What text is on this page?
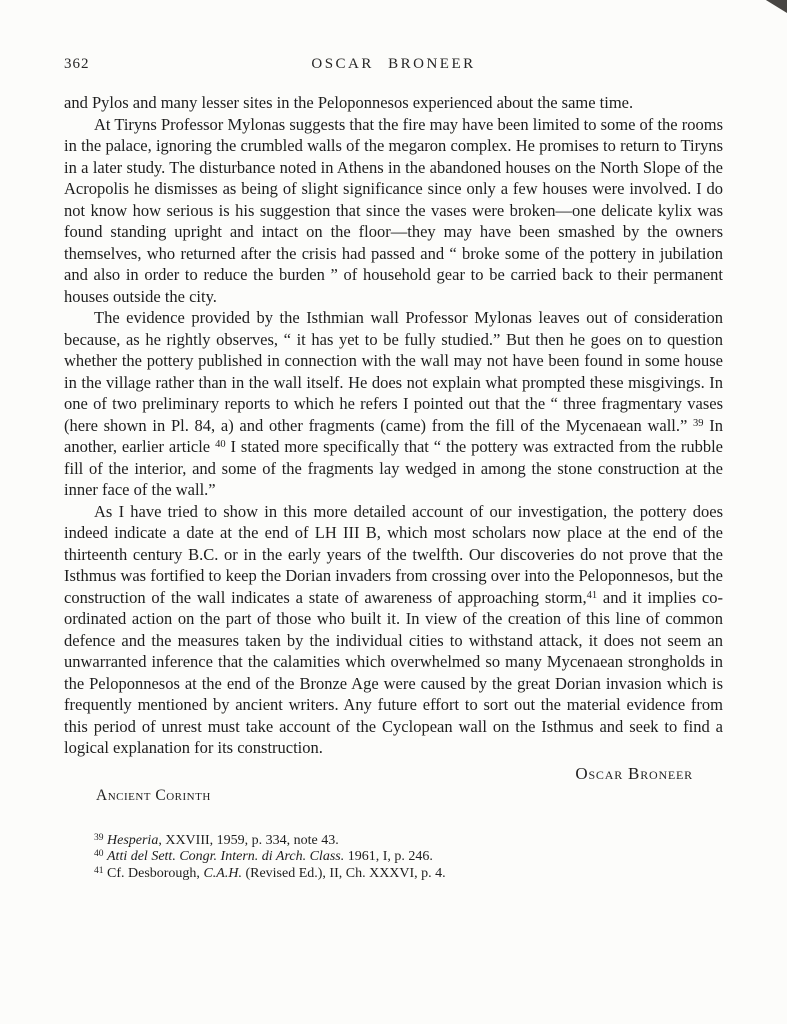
362	OSCAR BRONEER

and Pylos and many lesser sites in the Peloponnesos experienced about the same time.

At Tiryns Professor Mylonas suggests that the fire may have been limited to some of the rooms in the palace, ignoring the crumbled walls of the megaron complex. He promises to return to Tiryns in a later study. The disturbance noted in Athens in the abandoned houses on the North Slope of the Acropolis he dismisses as being of slight significance since only a few houses were involved. I do not know how serious is his suggestion that since the vases were broken—one delicate kylix was found standing upright and intact on the floor—they may have been smashed by the owners themselves, who returned after the crisis had passed and “ broke some of the pottery in jubilation and also in order to reduce the burden ” of household gear to be carried back to their permanent houses outside the city.

The evidence provided by the Isthmian wall Professor Mylonas leaves out of consideration because, as he rightly observes, “ it has yet to be fully studied.” But then he goes on to question whether the pottery published in connection with the wall may not have been found in some house in the village rather than in the wall itself. He does not explain what prompted these misgivings. In one of two preliminary reports to which he refers I pointed out that the “ three fragmentary vases (here shown in Pl. 84, a) and other fragments (came) from the fill of the Mycenaean wall.” $^{39}$ In another, earlier article $^{40}$ I stated more specifically that “ the pottery was extracted from the rubble fill of the interior, and some of the fragments lay wedged in among the stone construction at the inner face of the wall.”

As I have tried to show in this more detailed account of our investigation, the pottery does indeed indicate a date at the end of LH III B, which most scholars now place at the end of the thirteenth century B.C. or in the early years of the twelfth. Our discoveries do not prove that the Isthmus was fortified to keep the Dorian invaders from crossing over into the Peloponnesos, but the construction of the wall indicates a state of awareness of approaching storm,$^{41}$ and it implies co-ordinated action on the part of those who built it. In view of the creation of this line of common defence and the measures taken by the individual cities to withstand attack, it does not seem an unwarranted inference that the calamities which overwhelmed so many Mycenaean strongholds in the Peloponnesos at the end of the Bronze Age were caused by the great Dorian invasion which is frequently mentioned by ancient writers. Any future effort to sort out the material evidence from this period of unrest must take account of the Cyclopean wall on the Isthmus and seek to find a logical explanation for its construction.

Oscar Broneer
Ancient Corinth

$^{39}$ Hesperia, XXVIII, 1959, p. 334, note 43.

$^{40}$ Atti del Sett. Congr. Intern. di Arch. Class. 1961, I, p. 246.

$^{41}$ Cf. Desborough, C.A.H. (Revised Ed.), II, Ch. XXXVI, p. 4.
